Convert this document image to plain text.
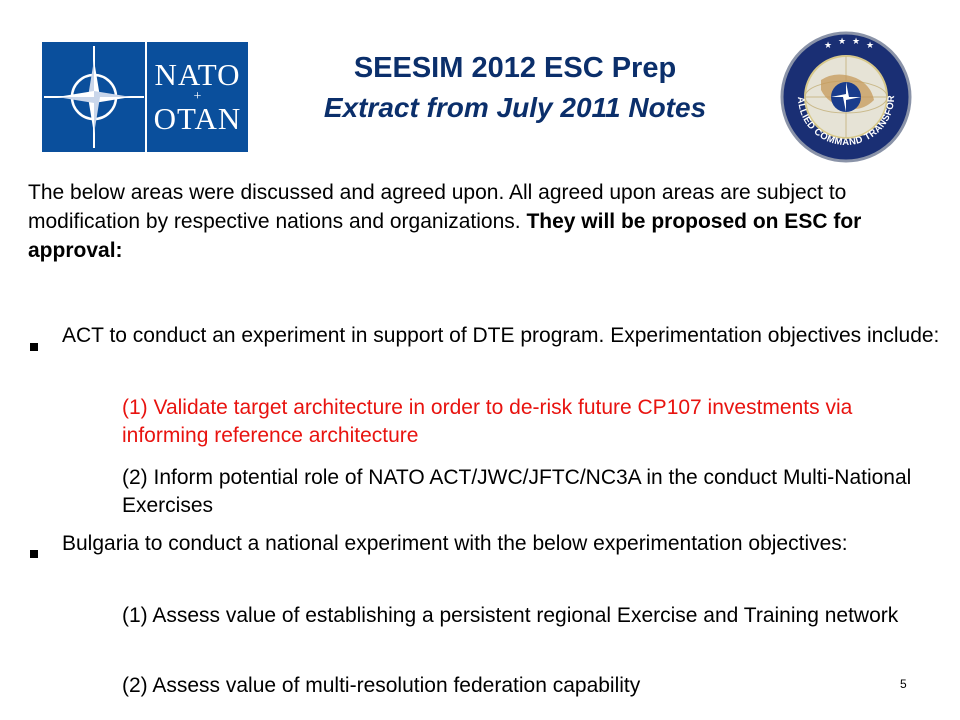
NATO
+
OTAN
SEESIM 2012 ESC Prep
Extract from July 2011 Notes
★ ★ ★ ★
ALLIED COMMAND TRANSFOR
The below areas were discussed and agreed upon. All agreed upon areas are subject to modification by respective nations and organizations. They will be proposed on ESC for approval:
ACT to conduct an experiment in support of DTE program. Experimentation objectives include:
(1) Validate target architecture in order to de-risk future CP107 investments via informing reference architecture
(2) Inform potential role of NATO ACT/JWC/JFTC/NC3A in the conduct Multi-National Exercises
Bulgaria to conduct a national experiment with the below experimentation objectives:
(1) Assess value of establishing a persistent regional Exercise and Training network
(2) Assess value of multi-resolution federation capability	5
